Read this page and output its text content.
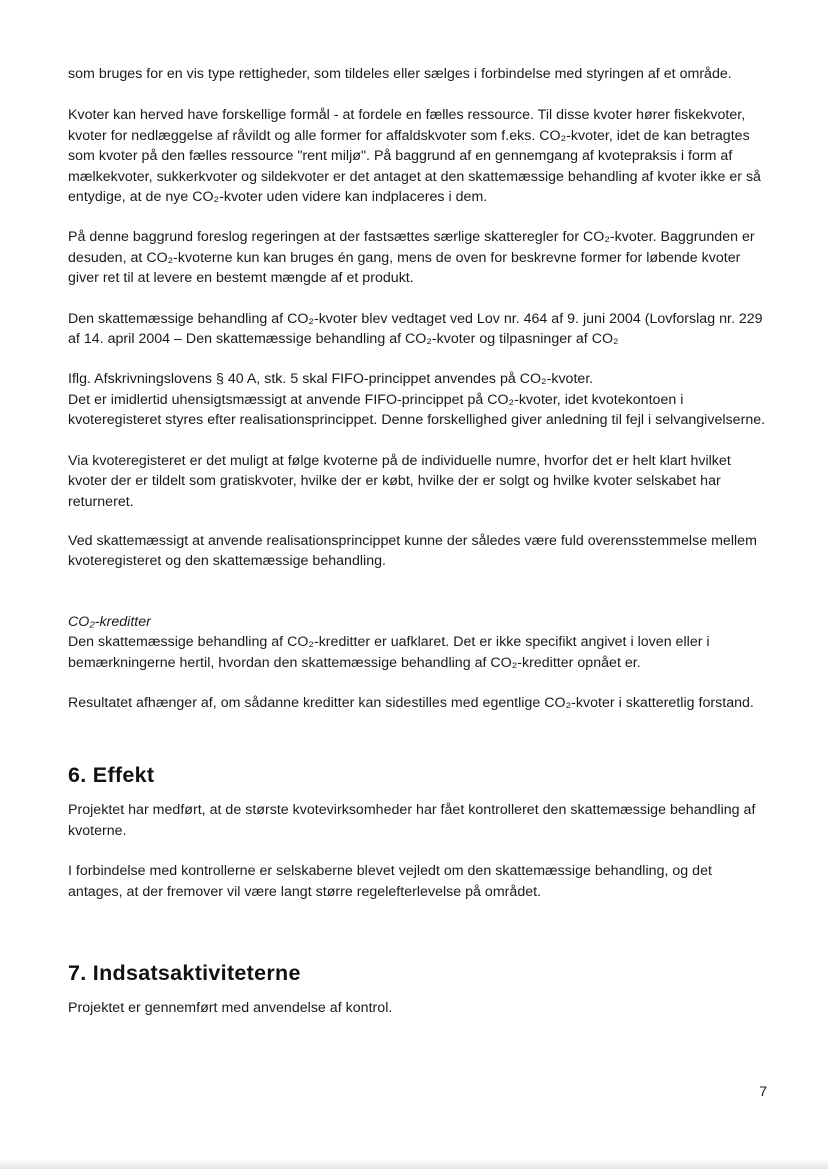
som bruges for en vis type rettigheder, som tildeles eller sælges i forbindelse med styringen af et område.

Kvoter kan herved have forskellige formål - at fordele en fælles ressource. Til disse kvoter hører fiskekvoter, kvoter for nedlæggelse af råvildt og alle former for affaldskvoter som f.eks. CO₂-kvoter, idet de kan betragtes som kvoter på den fælles ressource "rent miljø". På baggrund af en gennemgang af kvotepraksis i form af mælkekvoter, sukkerkvoter og sildekvoter er det antaget at den skattemæssige behandling af kvoter ikke er så entydige, at de nye CO₂-kvoter uden videre kan indplaceres i dem.

På denne baggrund foreslog regeringen at der fastsættes særlige skatteregler for CO₂-kvoter. Baggrunden er desuden, at CO₂-kvoterne kun kan bruges én gang, mens de oven for beskrevne former for løbende kvoter giver ret til at levere en bestemt mængde af et produkt.

Den skattemæssige behandling af CO₂-kvoter blev vedtaget ved Lov nr. 464 af 9. juni 2004 (Lovforslag nr. 229 af 14. april 2004 – Den skattemæssige behandling af CO₂-kvoter og tilpasninger af CO₂

Iflg. Afskrivningslovens § 40 A, stk. 5 skal FIFO-princippet anvendes på CO₂-kvoter.

Det er imidlertid uhensigtsmæssigt at anvende FIFO-princippet på CO₂-kvoter, idet kvotekontoen i kvoteregisteret styres efter realisationsprincippet. Denne forskellighed giver anledning til fejl i selvangivelserne.

Via kvoteregisteret er det muligt at følge kvoterne på de individuelle numre, hvorfor det er helt klart hvilket kvoter der er tildelt som gratiskvoter, hvilke der er købt, hvilke der er solgt og hvilke kvoter selskabet har returneret.

Ved skattemæssigt at anvende realisationsprincippet kunne der således være fuld overensstemmelse mellem kvoteregisteret og den skattemæssige behandling.

CO₂-kreditter

Den skattemæssige behandling af CO₂-kreditter er uafklaret. Det er ikke specifikt angivet i loven eller i bemærkningerne hertil, hvordan den skattemæssige behandling af CO₂-kreditter opnået er.

Resultatet afhænger af, om sådanne kreditter kan sidestilles med egentlige CO₂-kvoter i skatteretlig forstand.

6. Effekt

Projektet har medført, at de største kvotevirksomheder har fået kontrolleret den skattemæssige behandling af kvoterne.

I forbindelse med kontrollerne er selskaberne blevet vejledt om den skattemæssige behandling, og det antages, at der fremover vil være langt større regelefterlevelse på området.

7. Indsatsaktiviteterne

Projektet er gennemført med anvendelse af kontrol.

7
